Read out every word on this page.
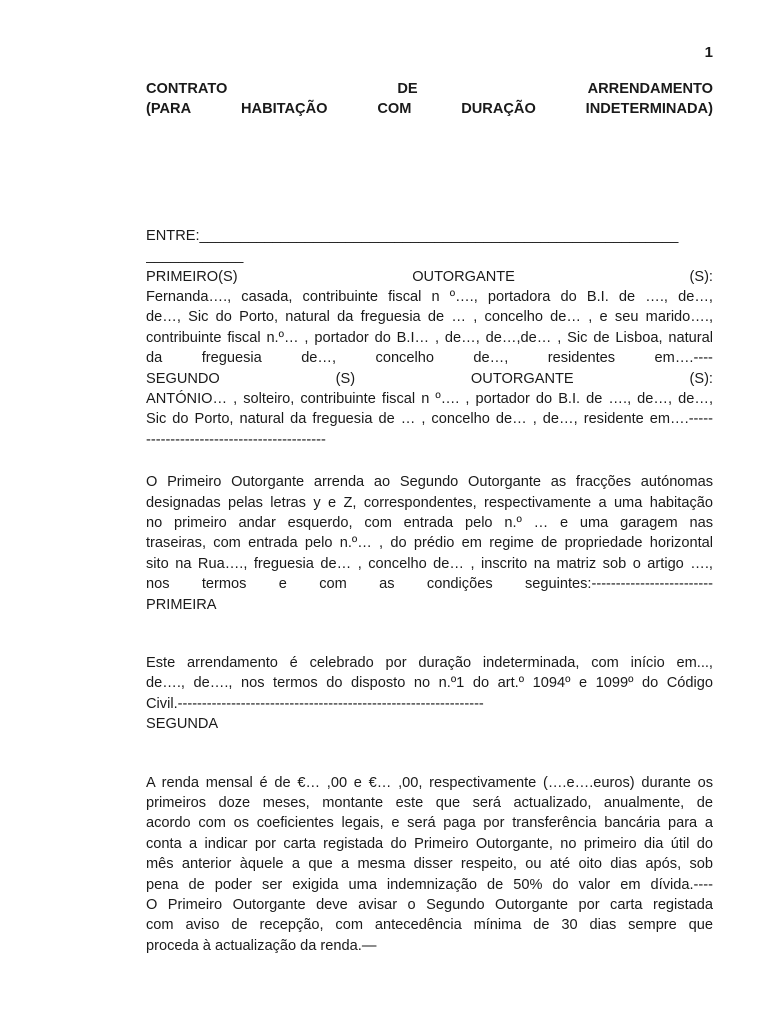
1
CONTRATO	DE	ARRENDAMENTO
(PARA	HABITAÇÃO	COM	DURAÇÃO	INDETERMINADA)
ENTRE:___________________________________________________________
____________
PRIMEIRO(S)	OUTORGANTE	(S):
Fernanda…., casada, contribuinte fiscal n º…., portadora do B.I. de …., de…,
de…, Sic do Porto, natural da freguesia de … , concelho de… , e seu marido….,
contribuinte fiscal n.º… , portador do B.I… , de…, de…,de… , Sic de Lisboa, natural
da	freguesia	de…,	concelho	de…,	residentes	em….----
SEGUNDO	(S)	OUTORGANTE	(S):
ANTÓNIO… , solteiro, contribuinte fiscal n º…. , portador do B.I. de …., de…, de…,
Sic do Porto, natural da freguesia de … , concelho de… , de…, residente em….-----
-------------------------------------
O Primeiro Outorgante arrenda ao Segundo Outorgante as fracções autónomas
designadas pelas letras y e Z, correspondentes, respectivamente a uma habitação
no primeiro andar esquerdo, com entrada pelo n.º … e uma garagem nas
traseiras, com entrada pelo n.º… , do prédio em regime de propriedade horizontal
sito na Rua…., freguesia de… , concelho de… , inscrito na matriz sob o artigo ….,
nos termos e com as condições seguintes:-------------------------
PRIMEIRA
Este arrendamento é celebrado por duração indeterminada, com início em...,
de…., de…., nos termos do disposto no n.º1 do art.º 1094º e 1099º do Código
Civil.---------------------------------------------------------------
SEGUNDA
A renda mensal é de €… ,00 e €… ,00, respectivamente (….e….euros) durante os
primeiros doze meses, montante este que será actualizado, anualmente, de
acordo com os coeficientes legais, e será paga por transferência bancária para a
conta a indicar por carta registada do Primeiro Outorgante, no primeiro dia útil do
mês anterior àquele a que a mesma disser respeito, ou até oito dias após, sob
pena de poder ser exigida uma indemnização de 50% do valor em dívida.----
O Primeiro Outorgante deve avisar o Segundo Outorgante por carta registada
com aviso de recepção, com antecedência mínima de 30 dias sempre que
proceda à actualização da renda.—
